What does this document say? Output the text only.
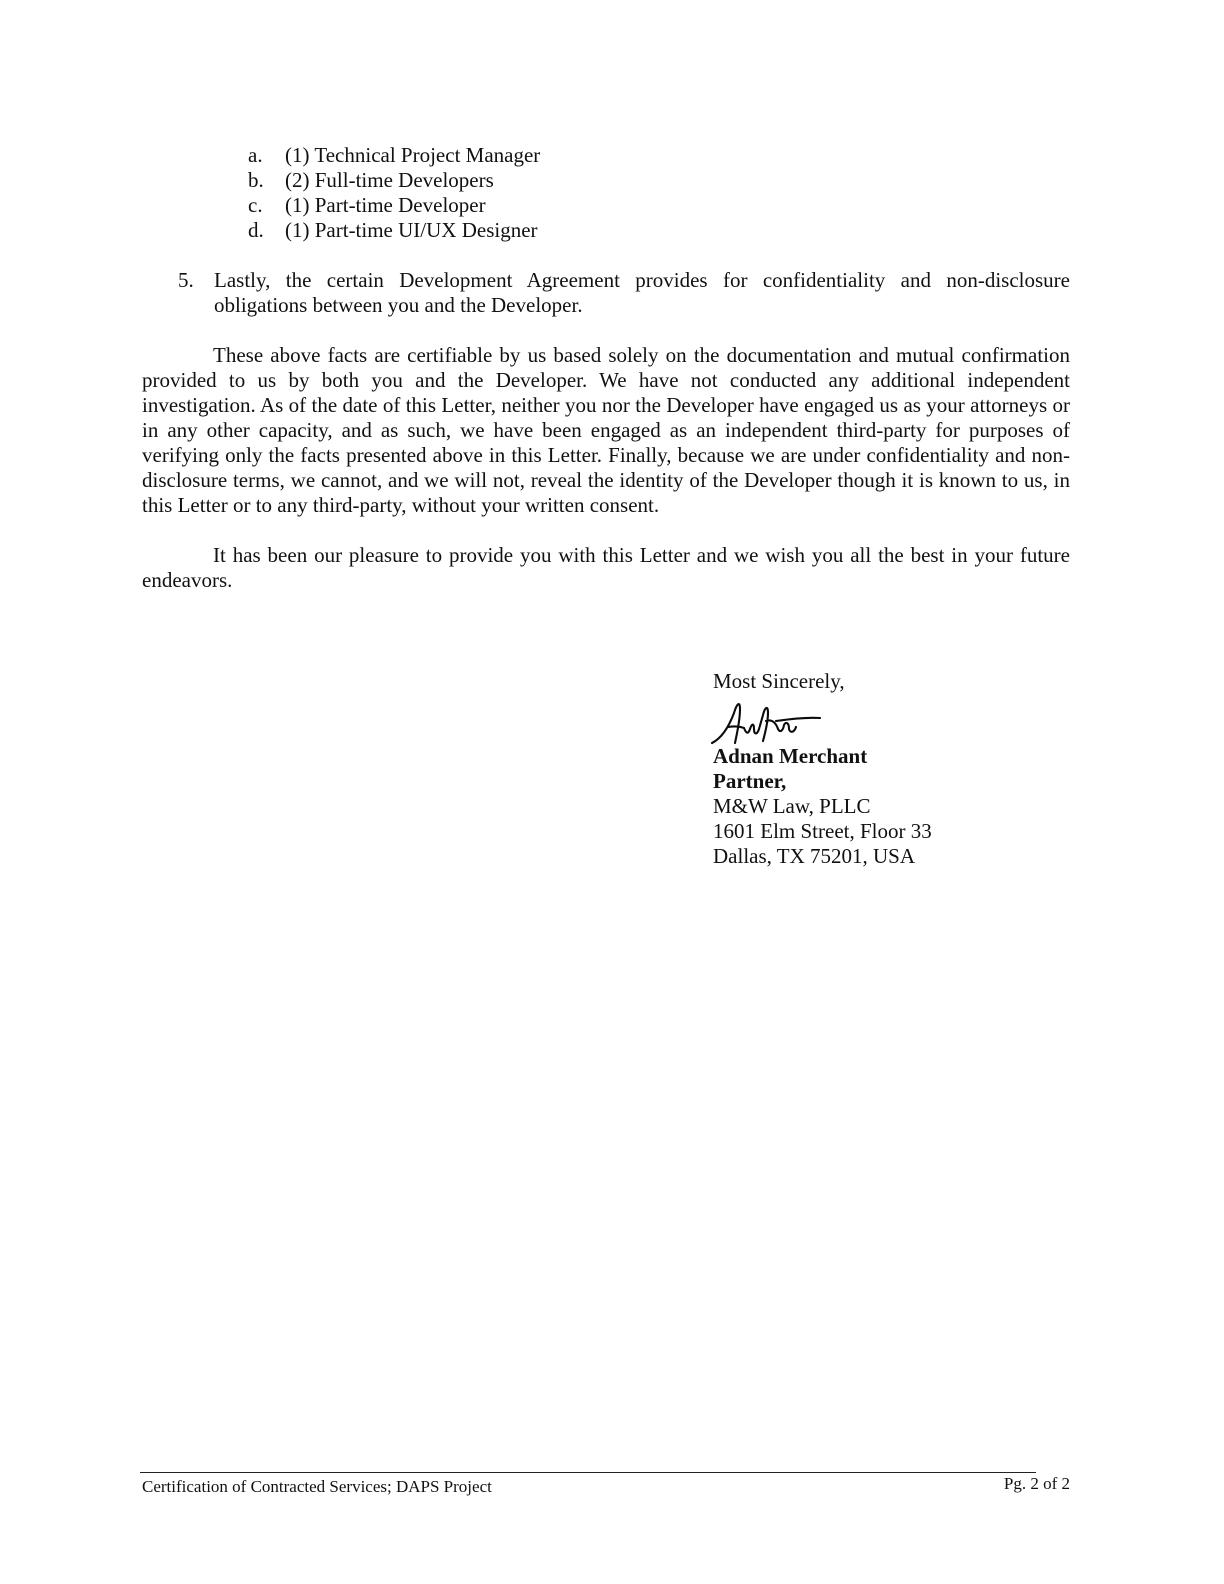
a. (1) Technical Project Manager
b. (2) Full-time Developers
c. (1) Part-time Developer
d. (1) Part-time UI/UX Designer
5. Lastly, the certain Development Agreement provides for confidentiality and non-disclosure obligations between you and the Developer.
These above facts are certifiable by us based solely on the documentation and mutual confirmation provided to us by both you and the Developer. We have not conducted any additional independent investigation. As of the date of this Letter, neither you nor the Developer have engaged us as your attorneys or in any other capacity, and as such, we have been engaged as an independent third-party for purposes of verifying only the facts presented above in this Letter. Finally, because we are under confidentiality and non-disclosure terms, we cannot, and we will not, reveal the identity of the Developer though it is known to us, in this Letter or to any third-party, without your written consent.
It has been our pleasure to provide you with this Letter and we wish you all the best in your future endeavors.
Most Sincerely,
Adnan Merchant
Partner,
M&W Law, PLLC
1601 Elm Street, Floor 33
Dallas, TX 75201, USA
Certification of Contracted Services; DAPS Project	Pg. 2 of 2
